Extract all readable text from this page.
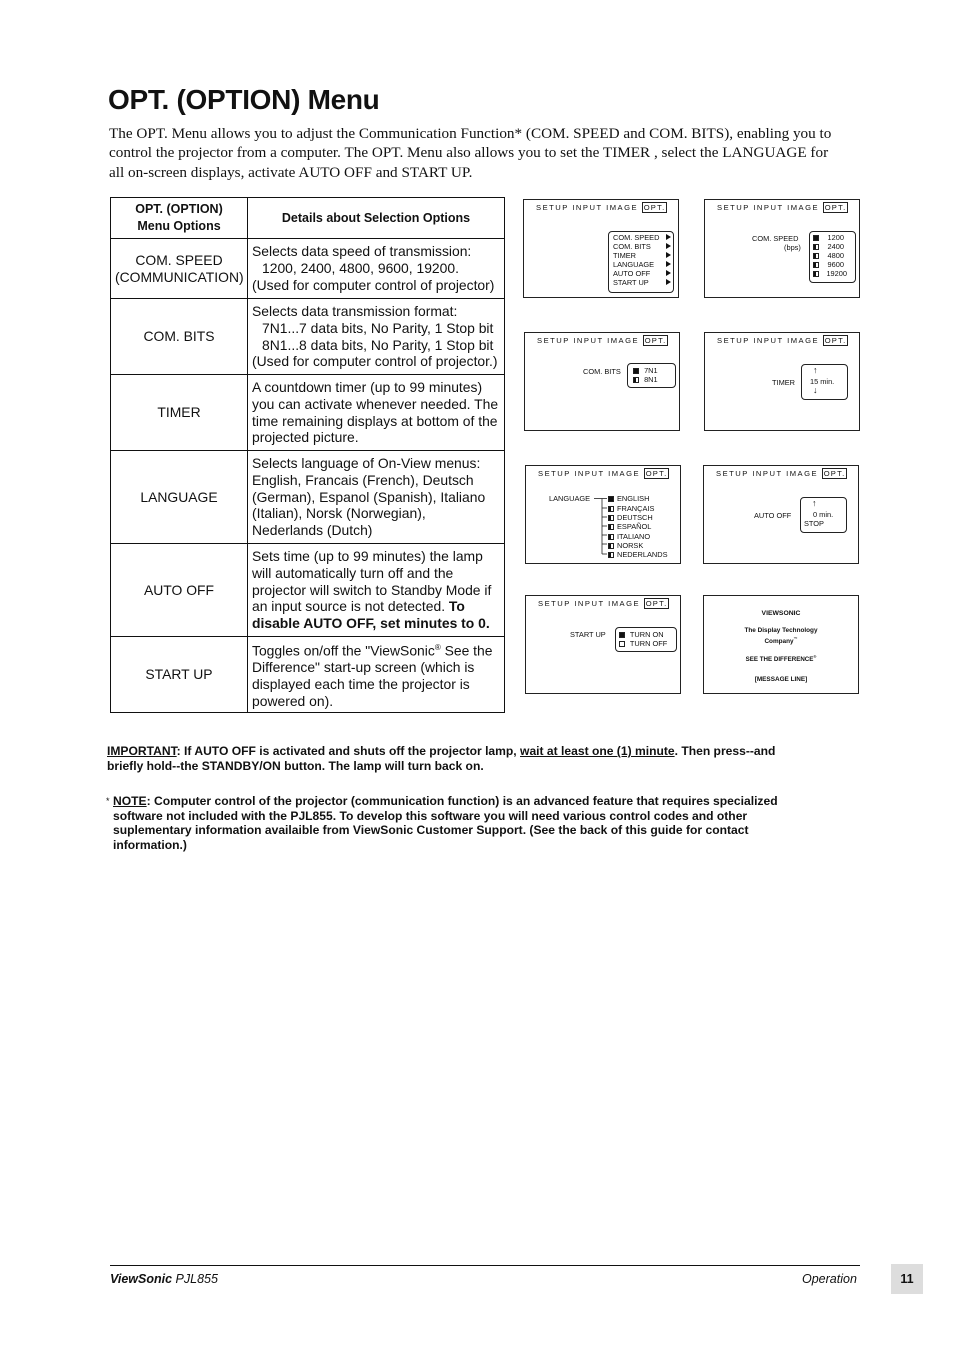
OPT. (OPTION) Menu
The OPT. Menu allows you to adjust the Communication Function* (COM. SPEED and COM. BITS), enabling you to control the projector from a computer. The OPT. Menu also allows you to set the TIMER , select the LANGUAGE for all on-screen displays, activate AUTO OFF and START UP.
OPT. (OPTION)
Menu Options	Details about Selection Options
COM. SPEED
(COMMUNICATION)	Selects data speed of transmission:
1200, 2400, 4800, 9600, 19200.
(Used for computer control of projector)
COM. BITS	Selects data transmission format:
7N1...7 data bits, No Parity, 1 Stop bit
8N1...8 data bits, No Parity, 1 Stop bit
(Used for computer control of projector.)
TIMER	A countdown timer (up to 99 minutes) you can activate whenever needed. The time remaining displays at bottom of the projected picture.
LANGUAGE	Selects language of On-View menus: English, Francais (French), Deutsch (German), Espanol (Spanish), Italiano (Italian), Norsk (Norwegian), Nederlands (Dutch)
AUTO OFF	Sets time (up to 99 minutes) the lamp will automatically turn off and the projector will switch to Standby Mode if an input source is not detected. To disable AUTO OFF, set minutes to 0.
START UP	Toggles on/off the "ViewSonic® See the Difference" start-up screen (which is displayed each time the projector is powered on).
SETUP INPUT IMAGE OPT.
COM. SPEED
COM. BITS
TIMER
LANGUAGE
AUTO OFF
START UP
SETUP INPUT IMAGE OPT.
COM. SPEED
(bps)
1200
2400
4800
9600
19200
SETUP INPUT IMAGE OPT.
COM. BITS	7N1
8N1
SETUP INPUT IMAGE OPT.
TIMER
↑
15 min.
↓
SETUP INPUT IMAGE OPT.
LANGUAGE	ENGLISH
FRANÇAIS
DEUTSCH
ESPAÑOL
ITALIANO
NORSK
NEDERLANDS
SETUP INPUT IMAGE OPT.
AUTO OFF
↑
0 min.
STOP
SETUP INPUT IMAGE OPT.
START UP	TURN ON
TURN OFF
VIEWSONIC
The Display Technology
Company™
SEE THE DIFFERENCE®
[MESSAGE LINE]
IMPORTANT: If AUTO OFF is activated and shuts off the projector lamp, wait at least one (1) minute. Then press--and briefly hold--the STANDBY/ON button. The lamp will turn back on.
* NOTE: Computer control of the projector (communication function) is an advanced feature that requires specialized software not included with the PJL855. To develop this software you will need various control codes and other suplementary information availaible from ViewSonic Customer Support. (See the back of this guide for contact information.)
ViewSonic PJL855	Operation	11
